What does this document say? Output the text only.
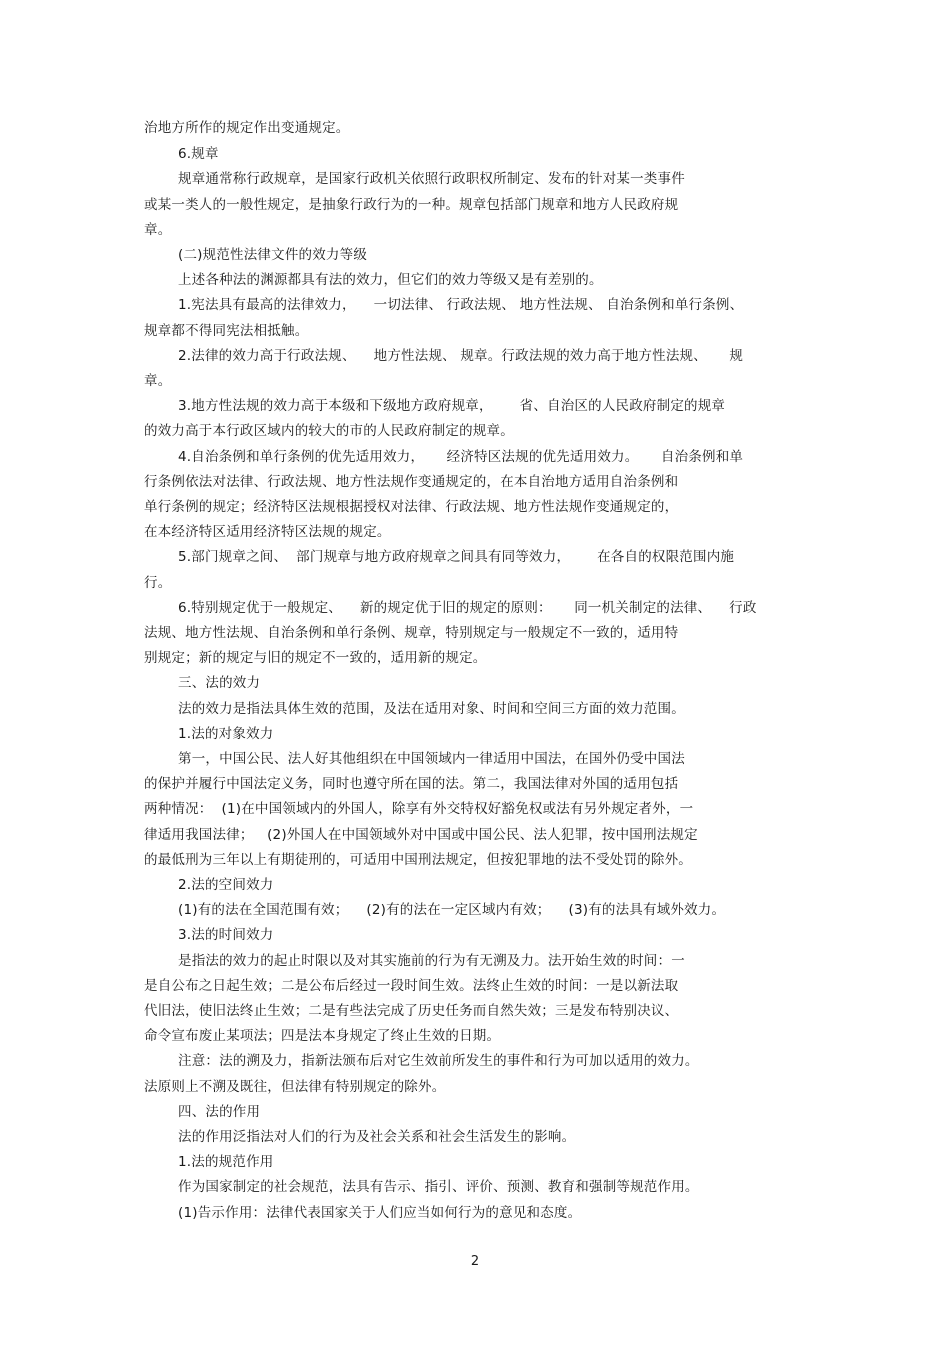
治地方所作的规定作出变通规定。
6.规章
规章通常称行政规章，是国家行政机关依照行政职权所制定、发布的针对某一类事件
或某一类人的一般性规定，是抽象行政行为的一种。规章包括部门规章和地方人民政府规
章。
(二)规范性法律文件的效力等级
上述各种法的渊源都具有法的效力，但它们的效力等级又是有差别的。
1.宪法具有最高的法律效力，    一切法律、 行政法规、 地方性法规、 自治条例和单行条例、
规章都不得同宪法相抵触。
2.法律的效力高于行政法规、    地方性法规、 规章。行政法规的效力高于地方性法规、     规
章。
3.地方性法规的效力高于本级和下级地方政府规章，      省、自治区的人民政府制定的规章
的效力高于本行政区域内的较大的市的人民政府制定的规章。
4.自治条例和单行条例的优先适用效力，     经济特区法规的优先适用效力。     自治条例和单
行条例依法对法律、行政法规、地方性法规作变通规定的，在本自治地方适用自治条例和
单行条例的规定；经济特区法规根据授权对法律、行政法规、地方性法规作变通规定的，
在本经济特区适用经济特区法规的规定。
5.部门规章之间、  部门规章与地方政府规章之间具有同等效力，      在各自的权限范围内施
行。
6.特别规定优于一般规定、    新的规定优于旧的规定的原则：     同一机关制定的法律、    行政
法规、地方性法规、自治条例和单行条例、规章，特别规定与一般规定不一致的，适用特
别规定；新的规定与旧的规定不一致的，适用新的规定。
三、法的效力
法的效力是指法具体生效的范围，及法在适用对象、时间和空间三方面的效力范围。
1.法的对象效力
第一，中国公民、法人好其他组织在中国领域内一律适用中国法，在国外仍受中国法
的保护并履行中国法定义务，同时也遵守所在国的法。第二，我国法律对外国的适用包括
两种情况：  (1)在中国领域内的外国人，除享有外交特权好豁免权或法有另外规定者外，一
律适用我国法律；   (2)外国人在中国领域外对中国或中国公民、法人犯罪，按中国刑法规定
的最低刑为三年以上有期徒刑的，可适用中国刑法规定，但按犯罪地的法不受处罚的除外。
2.法的空间效力
(1)有的法在全国范围有效；    (2)有的法在一定区域内有效；    (3)有的法具有域外效力。
3.法的时间效力
是指法的效力的起止时限以及对其实施前的行为有无溯及力。法开始生效的时间：一
是自公布之日起生效；二是公布后经过一段时间生效。法终止生效的时间：一是以新法取
代旧法，使旧法终止生效；二是有些法完成了历史任务而自然失效；三是发布特别决议、
命令宣布废止某项法；四是法本身规定了终止生效的日期。
注意：法的溯及力，指新法颁布后对它生效前所发生的事件和行为可加以适用的效力。
法原则上不溯及既往，但法律有特别规定的除外。
四、法的作用
法的作用泛指法对人们的行为及社会关系和社会生活发生的影响。
1.法的规范作用
作为国家制定的社会规范，法具有告示、指引、评价、预测、教育和强制等规范作用。
(1)告示作用：法律代表国家关于人们应当如何行为的意见和态度。
2
